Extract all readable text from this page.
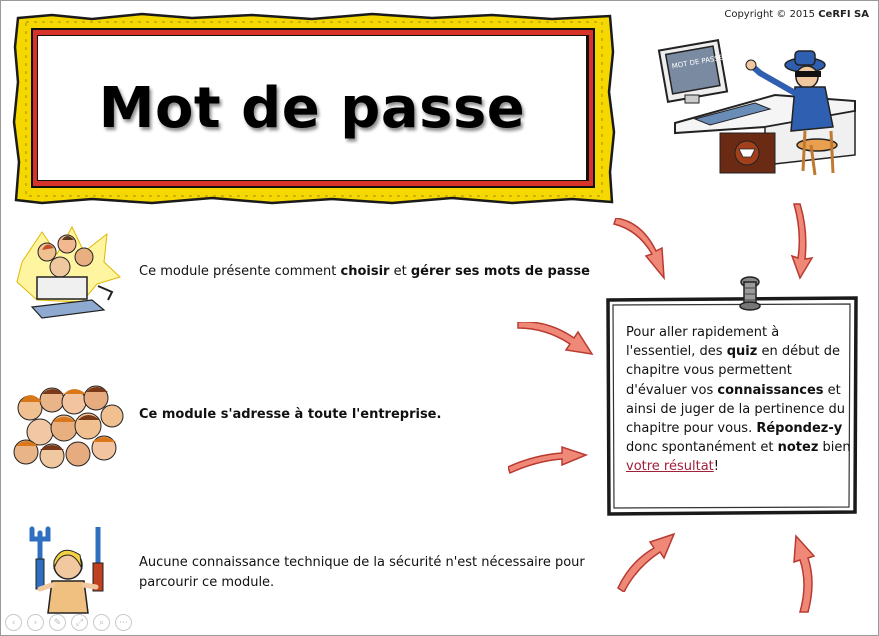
Copyright © 2015 CeRFI SA
Mot de passe
MOT DE PASSE
Ce module présente comment choisir et gérer ses mots de passe
Ce module s'adresse à toute l'entreprise.
Aucune connaissance technique de la sécurité n'est nécessaire pour
parcourir ce module.
Pour aller rapidement à l'essentiel, des quiz en début de chapitre vous permettent d'évaluer vos connaissances et ainsi de juger de la pertinence du chapitre pour vous. Répondez-y donc spontanément et notez bien votre résultat!
‹	›	✎	⤢	⌕	⋯
